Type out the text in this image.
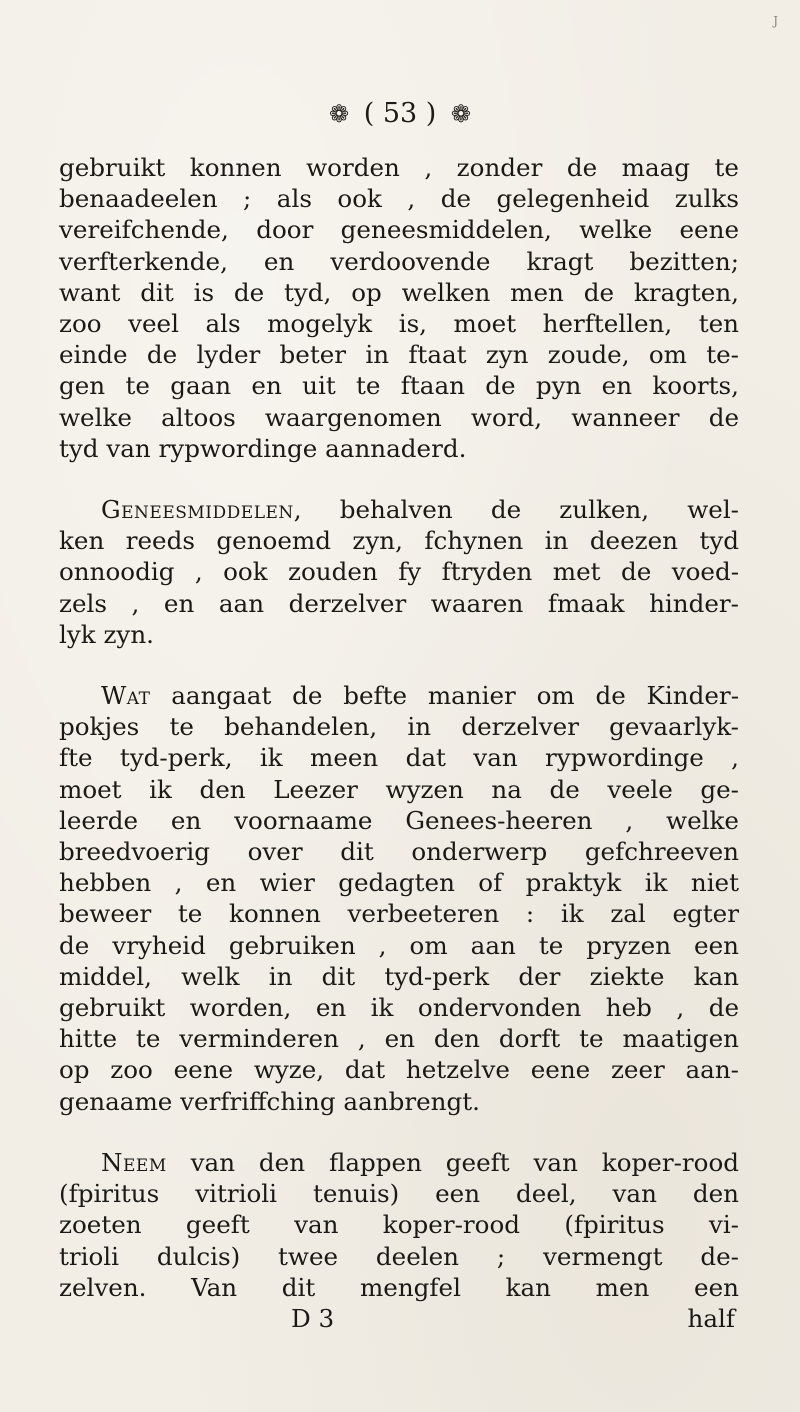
J
❁ ( 53 ) ❁
gebruikt konnen worden , zonder de maag te
benaadeelen ; als ook , de gelegenheid zulks
vereifchende, door geneesmiddelen, welke eene
verfterkende, en verdoovende kragt bezitten;
want dit is de tyd, op welken men de kragten,
zoo veel als mogelyk is, moet herftellen, ten
einde de lyder beter in ftaat zyn zoude, om te-
gen te gaan en uit te ftaan de pyn en koorts,
welke altoos waargenomen word, wanneer de
tyd van rypwordinge aannaderd.
Geneesmiddelen, behalven de zulken, wel-
ken reeds genoemd zyn, fchynen in deezen tyd
onnoodig , ook zouden fy ftryden met de voed-
zels , en aan derzelver waaren fmaak hinder-
lyk zyn.
Wat aangaat de befte manier om de Kinder-
pokjes te behandelen, in derzelver gevaarlyk-
fte tyd-perk, ik meen dat van rypwordinge ,
moet ik den Leezer wyzen na de veele ge-
leerde en voornaame Genees-heeren , welke
breedvoerig over dit onderwerp gefchreeven
hebben , en wier gedagten of praktyk ik niet
beweer te konnen verbeeteren : ik zal egter
de vryheid gebruiken , om aan te pryzen een
middel, welk in dit tyd-perk der ziekte kan
gebruikt worden, en ik ondervonden heb , de
hitte te verminderen , en den dorft te maatigen
op zoo eene wyze, dat hetzelve eene zeer aan-
genaame verfriffching aanbrengt.
Neem van den flappen geeft van koper-rood
(fpiritus vitrioli tenuis) een deel, van den
zoeten geeft van koper-rood (fpiritus vi-
trioli dulcis) twee deelen ; vermengt de-
zelven. Van dit mengfel kan men een
D 3	half
